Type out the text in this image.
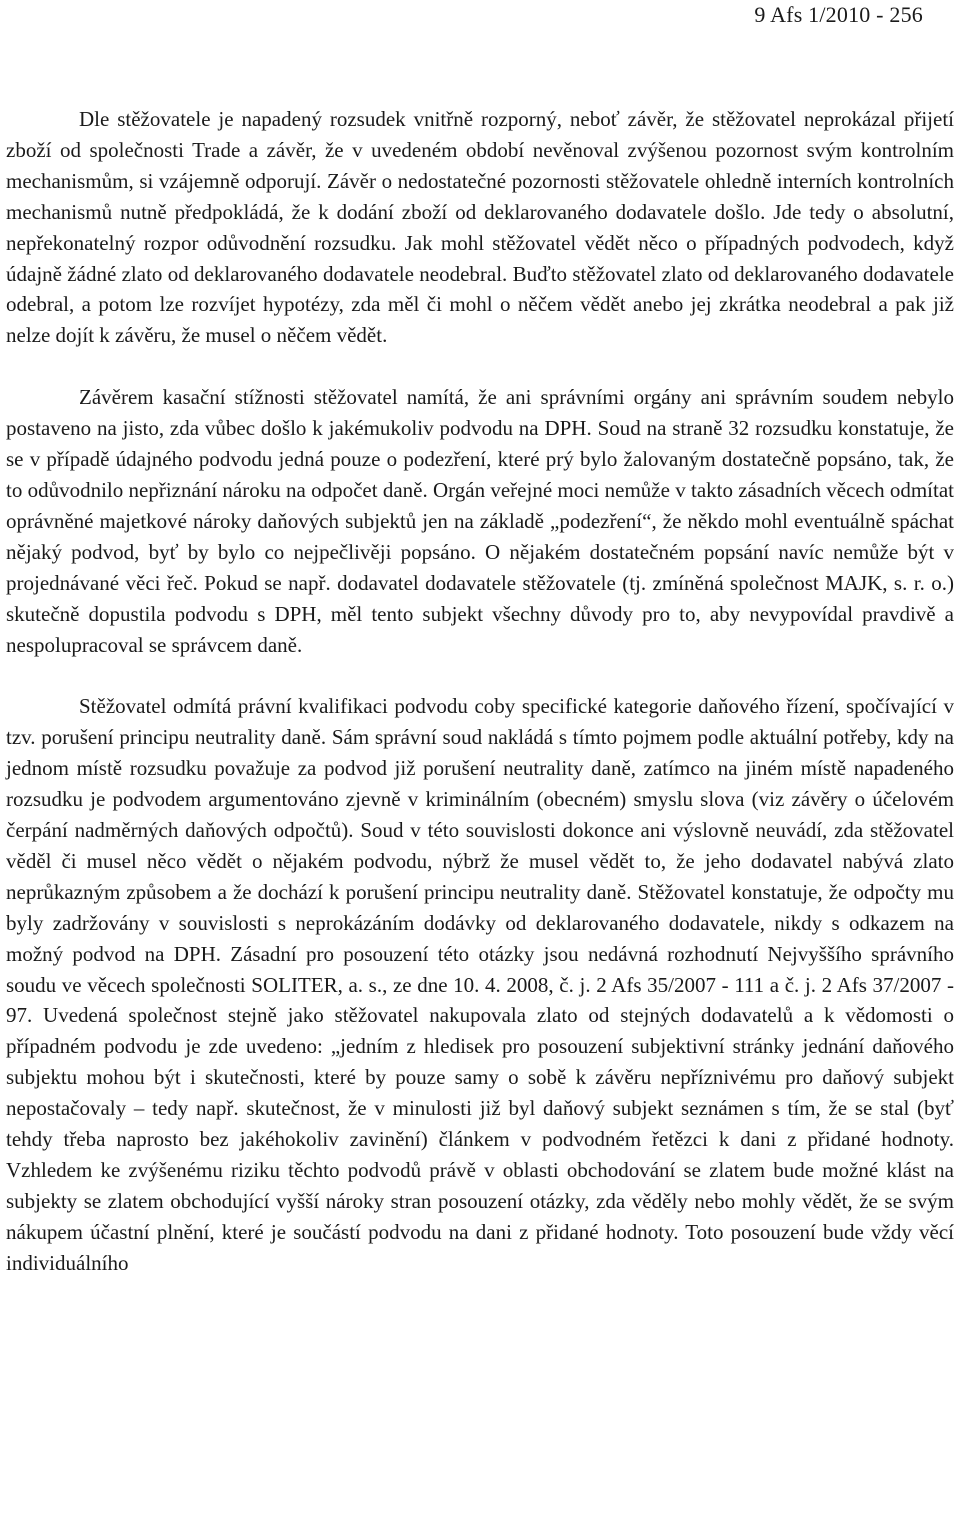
9 Afs 1/2010 - 256

Dle stěžovatele je napadený rozsudek vnitřně rozporný, neboť závěr, že stěžovatel neprokázal přijetí zboží od společnosti Trade a závěr, že v uvedeném období nevěnoval zvýšenou pozornost svým kontrolním mechanismům, si vzájemně odporují. Závěr o nedostatečné pozornosti stěžovatele ohledně interních kontrolních mechanismů nutně předpokládá, že k dodání zboží od deklarovaného dodavatele došlo. Jde tedy o absolutní, nepřekonatelný rozpor odůvodnění rozsudku. Jak mohl stěžovatel vědět něco o případných podvodech, když údajně žádné zlato od deklarovaného dodavatele neodebral. Buďto stěžovatel zlato od deklarovaného dodavatele odebral, a potom lze rozvíjet hypotézy, zda měl či mohl o něčem vědět anebo jej zkrátka neodebral a pak již nelze dojít k závěru, že musel o něčem vědět.

Závěrem kasační stížnosti stěžovatel namítá, že ani správními orgány ani správním soudem nebylo postaveno na jisto, zda vůbec došlo k jakémukoliv podvodu na DPH. Soud na straně 32 rozsudku konstatuje, že se v případě údajného podvodu jedná pouze o podezření, které prý bylo žalovaným dostatečně popsáno, tak, že to odůvodnilo nepřiznání nároku na odpočet daně. Orgán veřejné moci nemůže v takto zásadních věcech odmítat oprávněné majetkové nároky daňových subjektů jen na základě „podezření“, že někdo mohl eventuálně spáchat nějaký podvod, byť by bylo co nejpečlivěji popsáno. O nějakém dostatečném popsání navíc nemůže být v projednávané věci řeč. Pokud se např. dodavatel dodavatele stěžovatele (tj. zmíněná společnost MAJK, s. r. o.) skutečně dopustila podvodu s DPH, měl tento subjekt všechny důvody pro to, aby nevypovídal pravdivě a nespolupracoval se správcem daně.

Stěžovatel odmítá právní kvalifikaci podvodu coby specifické kategorie daňového řízení, spočívající v tzv. porušení principu neutrality daně. Sám správní soud nakládá s tímto pojmem podle aktuální potřeby, kdy na jednom místě rozsudku považuje za podvod již porušení neutrality daně, zatímco na jiném místě napadeného rozsudku je podvodem argumentováno zjevně v kriminálním (obecném) smyslu slova (viz závěry o účelovém čerpání nadměrných daňových odpočtů). Soud v této souvislosti dokonce ani výslovně neuvádí, zda stěžovatel věděl či musel něco vědět o nějakém podvodu, nýbrž že musel vědět to, že jeho dodavatel nabývá zlato neprůkazným způsobem a že dochází k porušení principu neutrality daně. Stěžovatel konstatuje, že odpočty mu byly zadržovány v souvislosti s neprokázáním dodávky od deklarovaného dodavatele, nikdy s odkazem na možný podvod na DPH. Zásadní pro posouzení této otázky jsou nedávná rozhodnutí Nejvyššího správního soudu ve věcech společnosti SOLITER, a. s., ze dne 10. 4. 2008, č. j. 2 Afs 35/2007 - 111 a č. j. 2 Afs 37/2007 - 97. Uvedená společnost stejně jako stěžovatel nakupovala zlato od stejných dodavatelů a k vědomosti o případném podvodu je zde uvedeno: „jedním z hledisek pro posouzení subjektivní stránky jednání daňového subjektu mohou být i skutečnosti, které by pouze samy o sobě k závěru nepříznivému pro daňový subjekt nepostačovaly – tedy např. skutečnost, že v minulosti již byl daňový subjekt seznámen s tím, že se stal (byť tehdy třeba naprosto bez jakéhokoliv zavinění) článkem v podvodném řetězci k dani z přidané hodnoty. Vzhledem ke zvýšenému riziku těchto podvodů právě v oblasti obchodování se zlatem bude možné klást na subjekty se zlatem obchodující vyšší nároky stran posouzení otázky, zda věděly nebo mohly vědět, že se svým nákupem účastní plnění, které je součástí podvodu na dani z přidané hodnoty. Toto posouzení bude vždy věcí individuálního
